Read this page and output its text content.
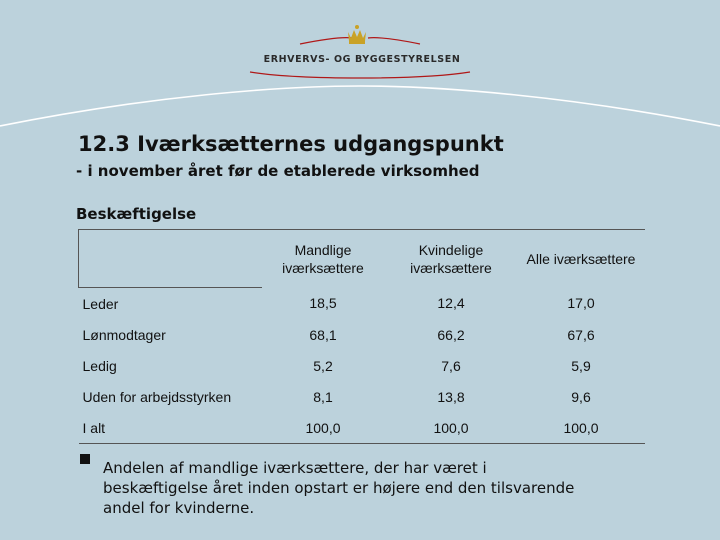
ERHVERVS- OG BYGGESTYRELSEN
12.3 Iværksætternes udgangspunkt
- i november året før de etablerede virksomhed
Beskæftigelse
	Mandlige iværksættere	Kvindelige iværksættere	Alle iværksættere
Leder	18,5	12,4	17,0
Lønmodtager	68,1	66,2	67,6
Ledig	5,2	7,6	5,9
Uden for arbejdsstyrken	8,1	13,8	9,6
I alt	100,0	100,0	100,0

Andelen af mandlige iværksættere, der har været i beskæftigelse året inden opstart er højere end den tilsvarende andel for kvinderne.
